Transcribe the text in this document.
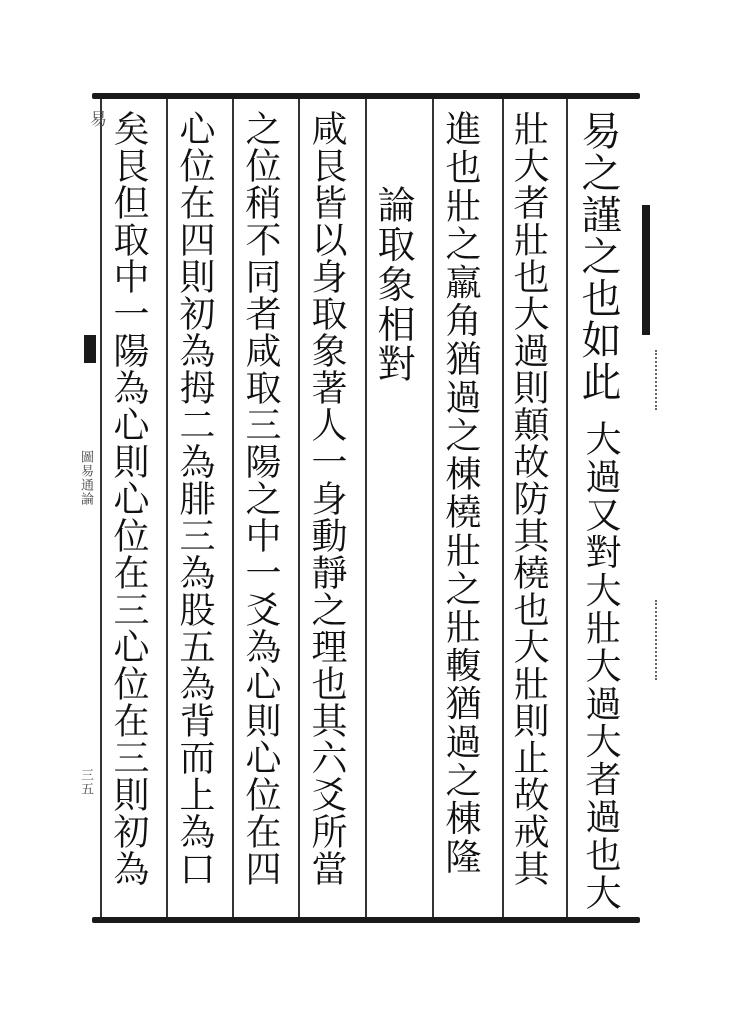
易之謹之也如此
大過又對大壯大過大者過也大
壯大者壯也大過則顛故防其橈也大壯則止故戒其
進也壯之羸角猶過之棟橈壯之壯輹猶過之棟隆
論取象相對
咸艮皆以身取象著人一身動靜之理也其六爻所當
之位稍不同者咸取三陽之中一爻為心則心位在四
心位在四則初為拇二為腓三為股五為背而上為口
矣艮但取中一陽為心則心位在三心位在三則初為
易
圖易通論
三五
